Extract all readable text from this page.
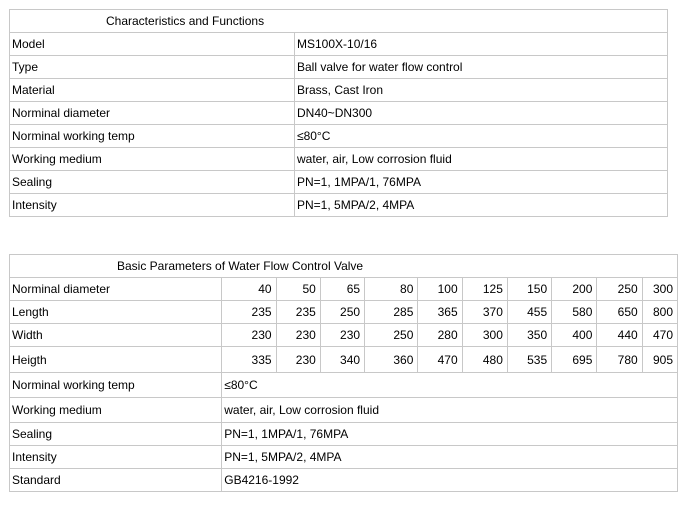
Characteristics and Functions	
Model	MS100X-10/16
Type	Ball valve for water flow control
Material	Brass, Cast Iron
Norminal diameter	DN40~DN300
Norminal working temp	≤80°C
Working medium	water, air, Low corrosion fluid
Sealing	PN=1, 1MPA/1, 76MPA
Intensity	PN=1, 5MPA/2, 4MPA
Basic Parameters of Water Flow Control Valve										
Norminal diameter	40	50	65	80	100	125	150	200	250	300
Length	235	235	250	285	365	370	455	580	650	800
Width	230	230	230	250	280	300	350	400	440	470
Heigth	335	230	340	360	470	480	535	695	780	905
Norminal working temp	≤80°C									
Working medium	water, air, Low corrosion fluid									
Sealing	PN=1, 1MPA/1, 76MPA									
Intensity	PN=1, 5MPA/2, 4MPA									
Standard	GB4216-1992									
